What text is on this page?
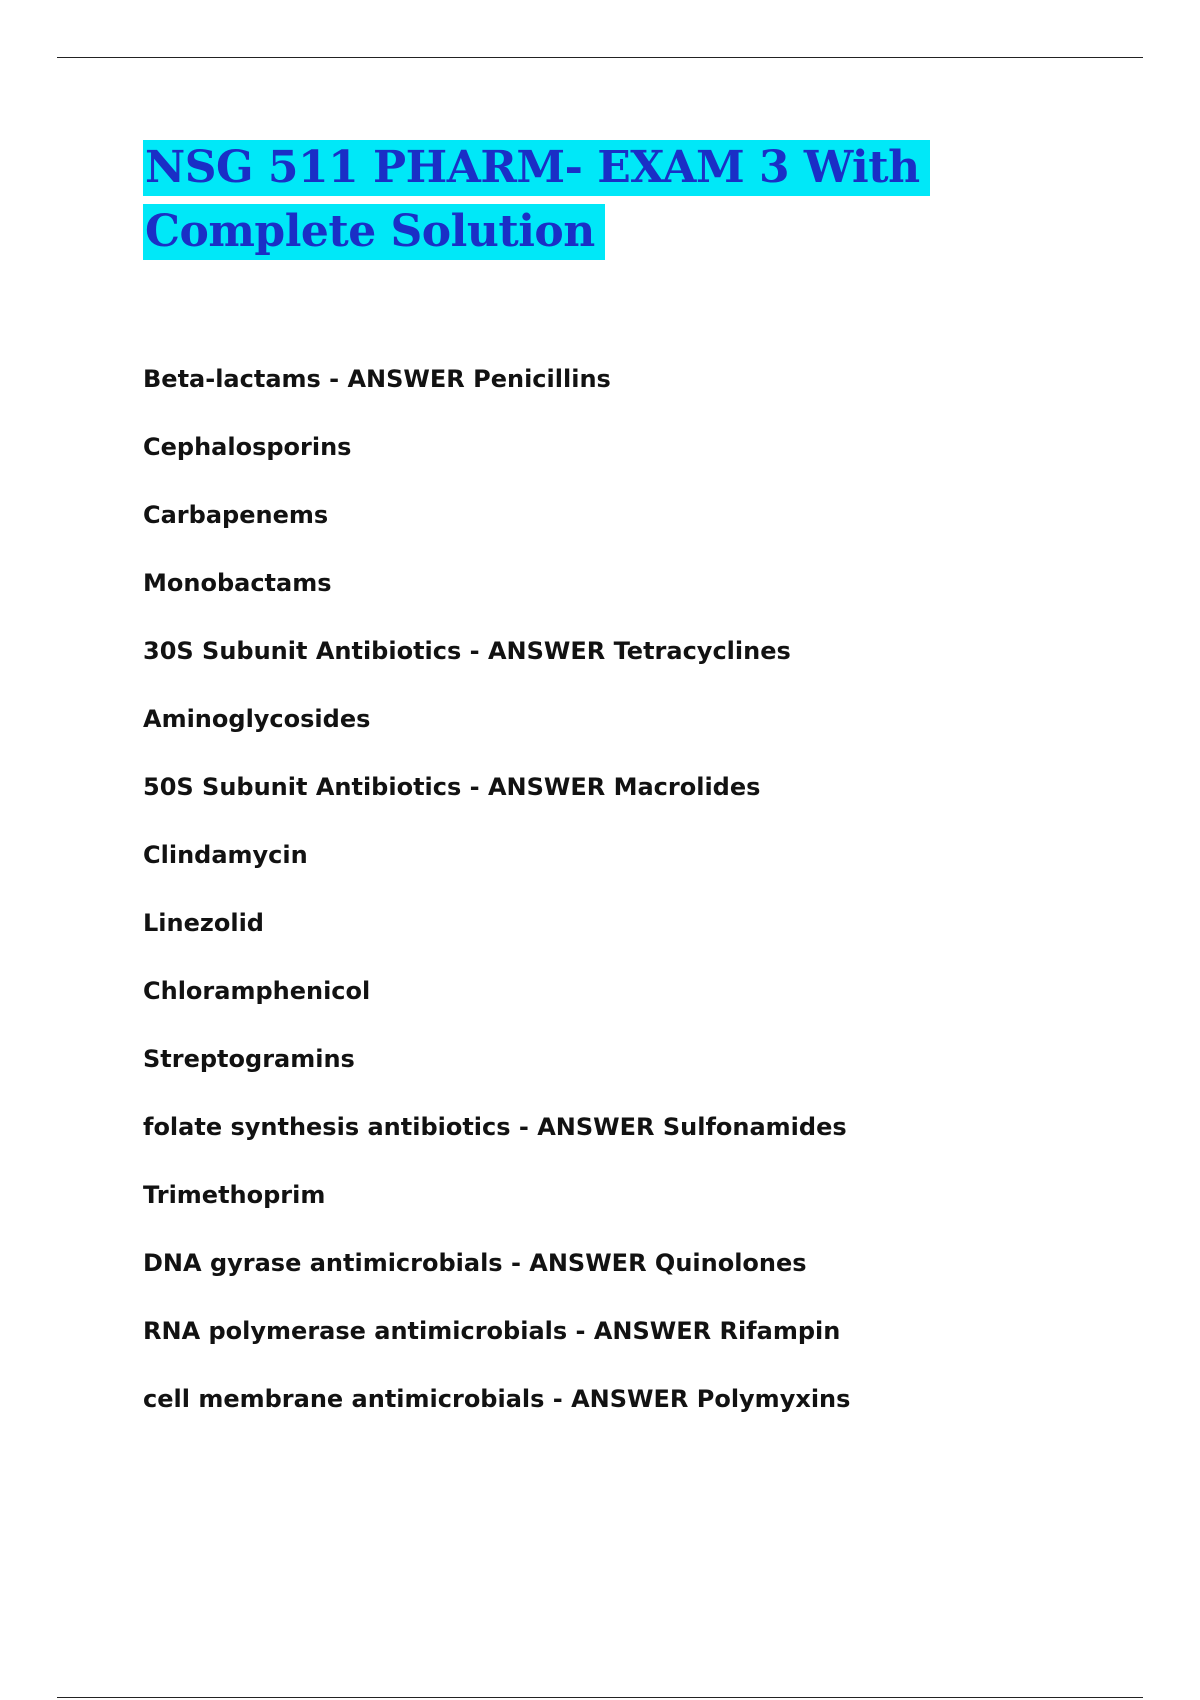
NSG 511 PHARM- EXAM 3 With
Complete Solution
Beta-lactams - ANSWER Penicillins
Cephalosporins
Carbapenems
Monobactams
30S Subunit Antibiotics - ANSWER Tetracyclines
Aminoglycosides
50S Subunit Antibiotics - ANSWER Macrolides
Clindamycin
Linezolid
Chloramphenicol
Streptogramins
folate synthesis antibiotics - ANSWER Sulfonamides
Trimethoprim
DNA gyrase antimicrobials - ANSWER Quinolones
RNA polymerase antimicrobials - ANSWER Rifampin
cell membrane antimicrobials - ANSWER Polymyxins
